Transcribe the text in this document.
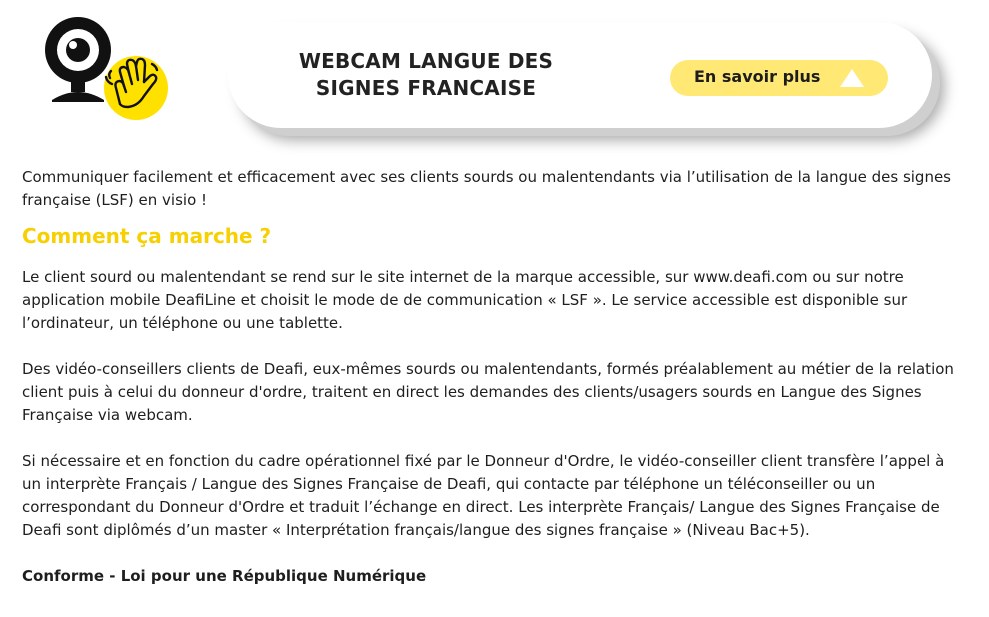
WEBCAM LANGUE DES
SIGNES FRANCAISE	En savoir plus

Communiquer facilement et efficacement avec ses clients sourds ou malentendants via l’utilisation de la langue des signes française (LSF) en visio !

Comment ça marche ?

Le client sourd ou malentendant se rend sur le site internet de la marque accessible, sur www.deafi.com ou sur notre application mobile DeafiLine et choisit le mode de de communication « LSF ». Le service accessible est disponible sur l’ordinateur, un téléphone ou une tablette.

Des vidéo-conseillers clients de Deafi, eux-mêmes sourds ou malentendants, formés préalablement au métier de la relation client puis à celui du donneur d'ordre, traitent en direct les demandes des clients/usagers sourds en Langue des Signes Française via webcam.

Si nécessaire et en fonction du cadre opérationnel fixé par le Donneur d'Ordre, le vidéo-conseiller client transfère l’appel à un interprète Français / Langue des Signes Française de Deafi, qui contacte par téléphone un téléconseiller ou un correspondant du Donneur d'Ordre et traduit l’échange en direct. Les interprète Français/ Langue des Signes Française de Deafi sont diplômés d’un master « Interprétation français/langue des signes française » (Niveau Bac+5).

Conforme - Loi pour une République Numérique
